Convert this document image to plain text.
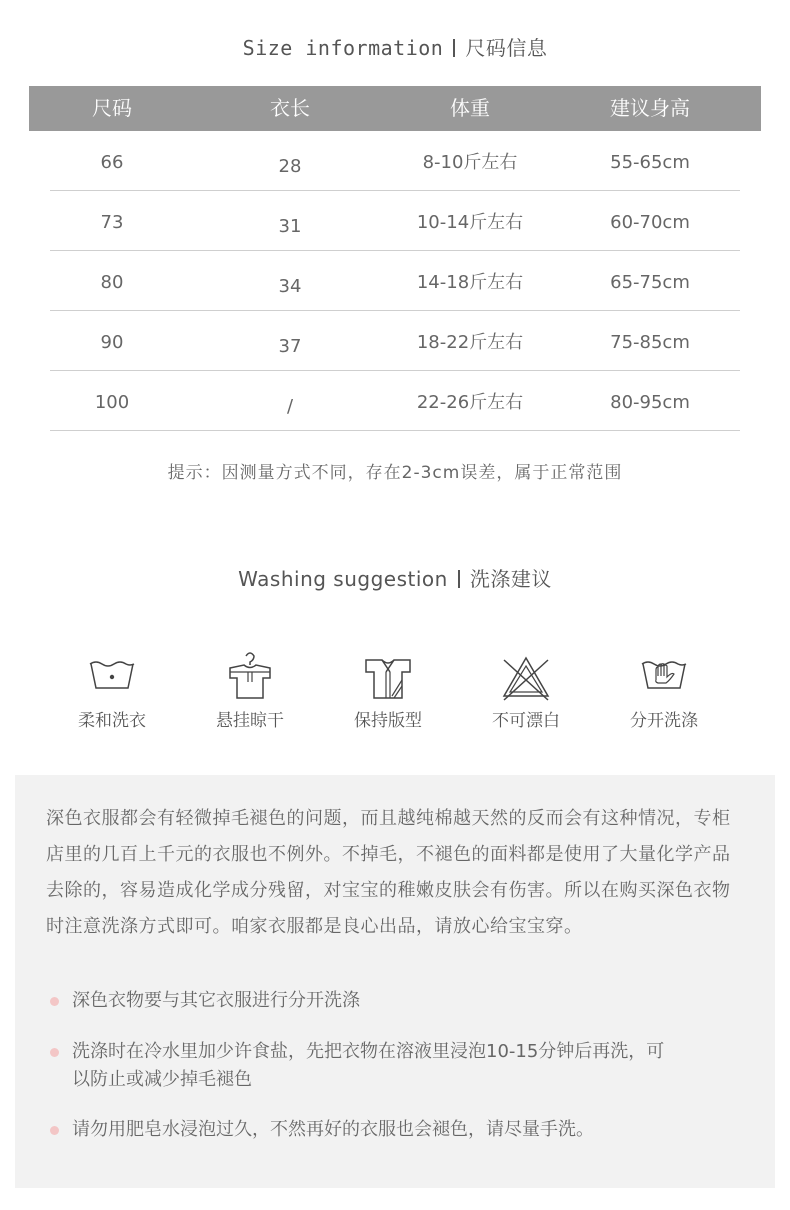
Size information 尺码信息
尺码	衣长	体重	建议身高
66	28	8-10斤左右	55-65cm
73	31	10-14斤左右	60-70cm
80	34	14-18斤左右	65-75cm
90	37	18-22斤左右	75-85cm
100	/	22-26斤左右	80-95cm
提示：因测量方式不同，存在2-3cm误差，属于正常范围
Washing suggestion 洗涤建议
柔和洗衣	悬挂晾干	保持版型	不可漂白	分开洗涤
深色衣服都会有轻微掉毛褪色的问题，而且越纯棉越天然的反而会有这种情况，专柜店里的几百上千元的衣服也不例外。不掉毛，不褪色的面料都是使用了大量化学产品去除的，容易造成化学成分残留，对宝宝的稚嫩皮肤会有伤害。所以在购买深色衣物时注意洗涤方式即可。咱家衣服都是良心出品，请放心给宝宝穿。
深色衣物要与其它衣服进行分开洗涤
洗涤时在冷水里加少许食盐，先把衣物在溶液里浸泡10-15分钟后再洗，可以防止或减少掉毛褪色
请勿用肥皂水浸泡过久，不然再好的衣服也会褪色，请尽量手洗。
